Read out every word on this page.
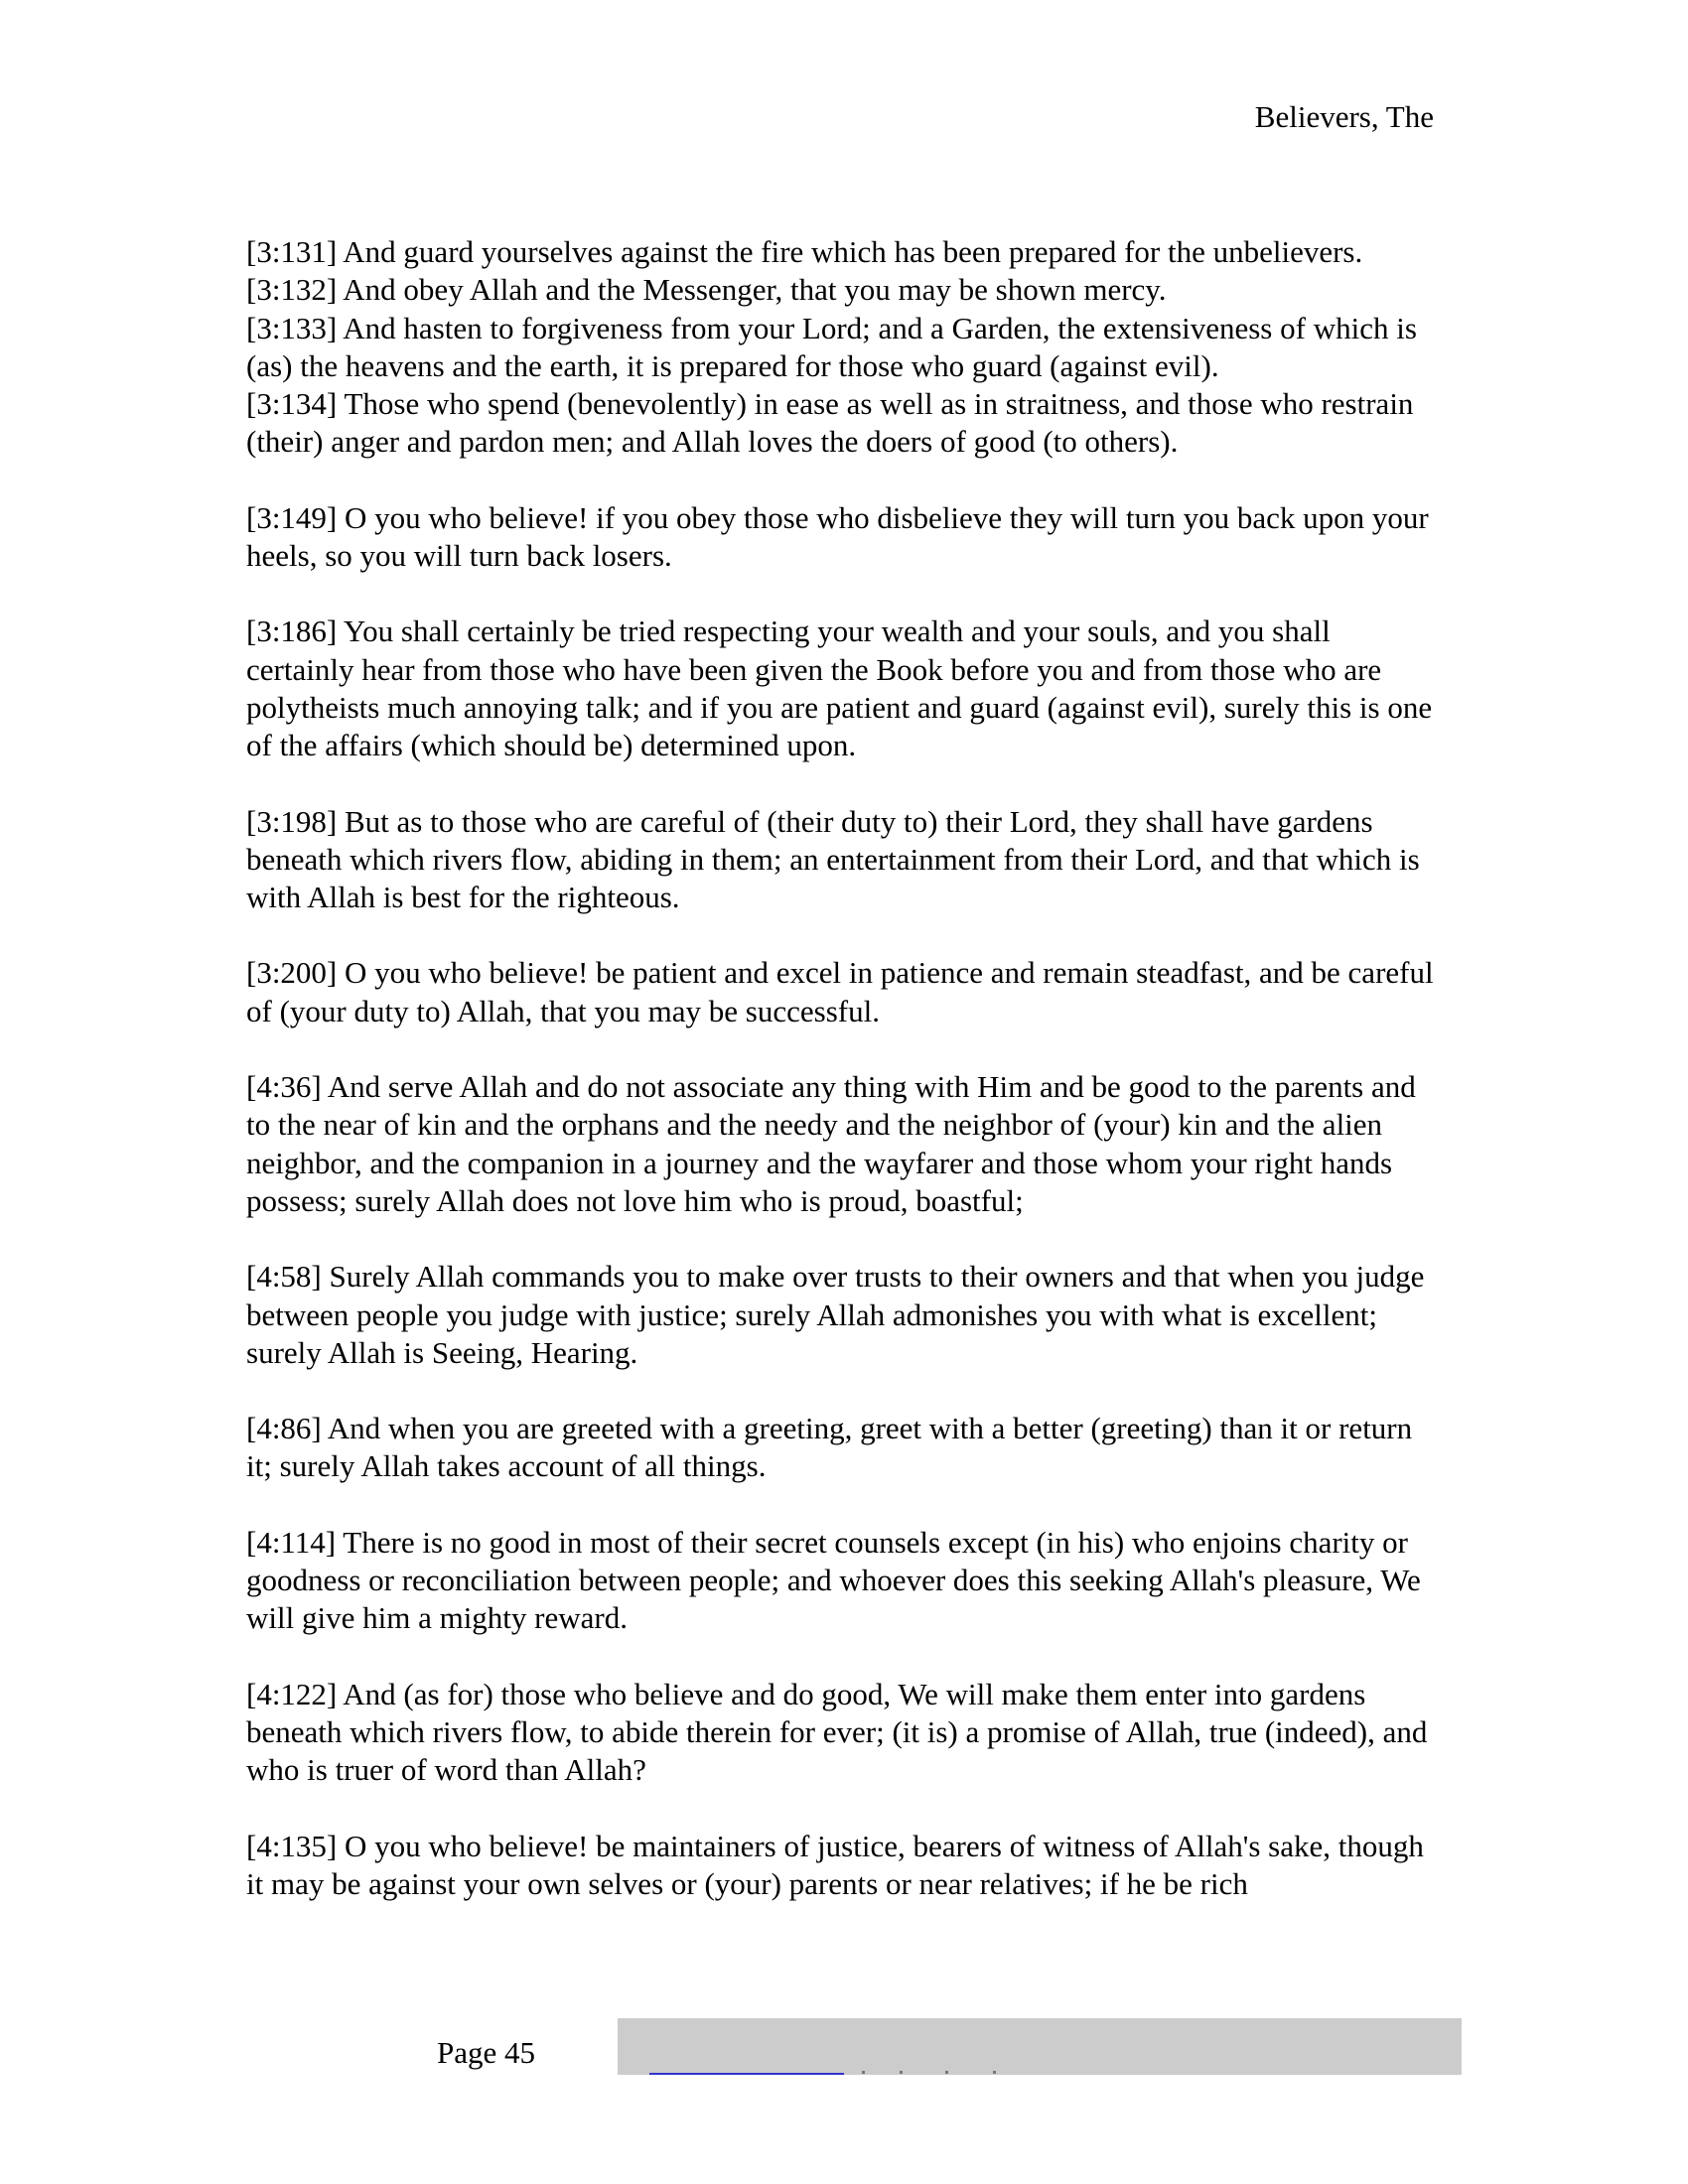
Believers, The
[3:131] And guard yourselves against the fire which has been prepared for the unbelievers.
[3:132] And obey Allah and the Messenger, that you may be shown mercy.
[3:133] And hasten to forgiveness from your Lord; and a Garden, the extensiveness of which is (as) the heavens and the earth, it is prepared for those who guard (against evil).
[3:134] Those who spend (benevolently) in ease as well as in straitness, and those who restrain (their) anger and pardon men; and Allah loves the doers of good (to others).
[3:149] O you who believe! if you obey those who disbelieve they will turn you back upon your heels, so you will turn back losers.
[3:186] You shall certainly be tried respecting your wealth and your souls, and you shall certainly hear from those who have been given the Book before you and from those who are polytheists much annoying talk; and if you are patient and guard (against evil), surely this is one of the affairs (which should be) determined upon.
[3:198] But as to those who are careful of (their duty to) their Lord, they shall have gardens beneath which rivers flow, abiding in them; an entertainment from their Lord, and that which is with Allah is best for the righteous.
[3:200] O you who believe! be patient and excel in patience and remain steadfast, and be careful of (your duty to) Allah, that you may be successful.
[4:36] And serve Allah and do not associate any thing with Him and be good to the parents and to the near of kin and the orphans and the needy and the neighbor of (your) kin and the alien neighbor, and the companion in a journey and the wayfarer and those whom your right hands possess; surely Allah does not love him who is proud, boastful;
[4:58] Surely Allah commands you to make over trusts to their owners and that when you judge between people you judge with justice; surely Allah admonishes you with what is excellent; surely Allah is Seeing, Hearing.
[4:86] And when you are greeted with a greeting, greet with a better (greeting) than it or return it; surely Allah takes account of all things.
[4:114] There is no good in most of their secret counsels except (in his) who enjoins charity or goodness or reconciliation between people; and whoever does this seeking Allah's pleasure, We will give him a mighty reward.
[4:122] And (as for) those who believe and do good, We will make them enter into gardens beneath which rivers flow, to abide therein for ever; (it is) a promise of Allah, true (indeed), and who is truer of word than Allah?
[4:135] O you who believe! be maintainers of justice, bearers of witness of Allah's sake, though it may be against your own selves or (your) parents or near relatives; if he be rich
Page 45
